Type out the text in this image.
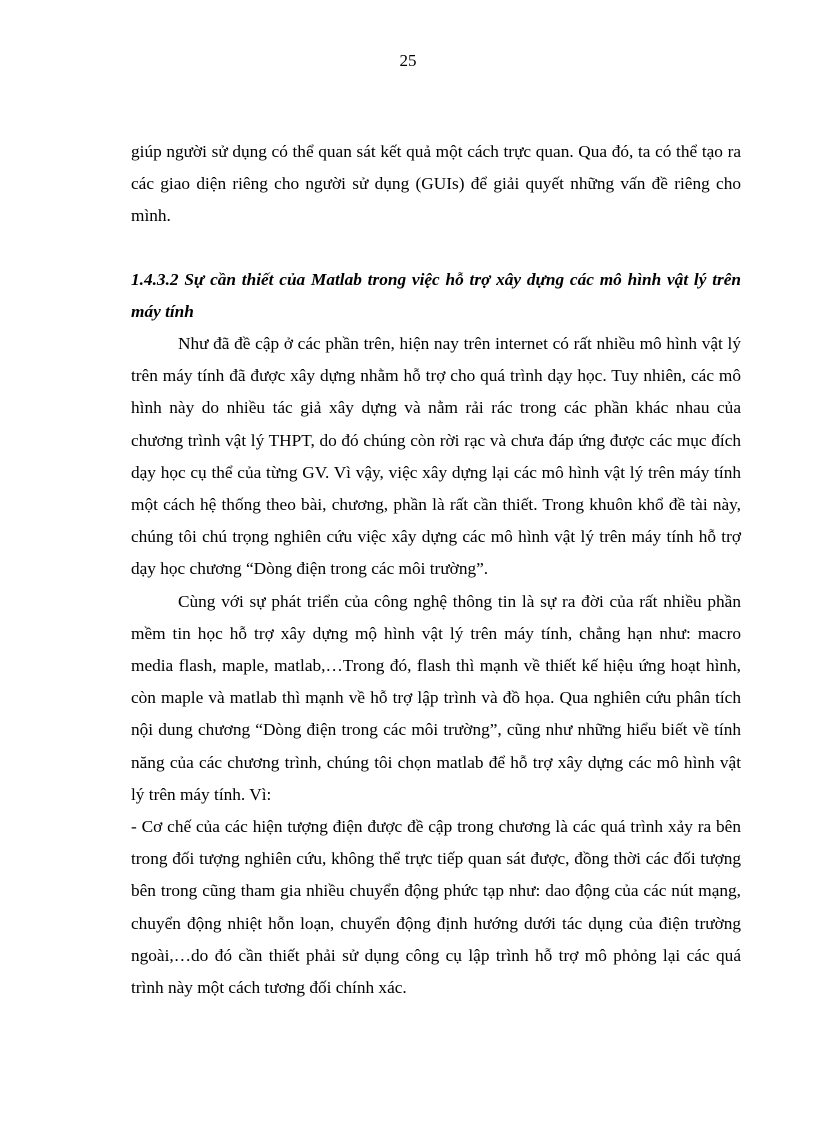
25

giúp người sử dụng có thể quan sát kết quả một cách trực quan. Qua đó, ta có thể tạo ra các giao diện riêng cho người sử dụng (GUIs) để giải quyết những vấn đề riêng cho mình.

1.4.3.2 Sự cần thiết của Matlab trong việc hỗ trợ xây dựng các mô hình vật lý trên máy tính

Như đã đề cập ở các phần trên, hiện nay trên internet có rất nhiều mô hình vật lý trên máy tính đã được xây dựng nhằm hỗ trợ cho quá trình dạy học. Tuy nhiên, các mô hình này do nhiều tác giả xây dựng và nằm rải rác trong các phần khác nhau của chương trình vật lý THPT, do đó chúng còn rời rạc và chưa đáp ứng được các mục đích dạy học cụ thể của từng GV. Vì vậy, việc xây dựng lại các mô hình vật lý trên máy tính một cách hệ thống theo bài, chương, phần là rất cần thiết. Trong khuôn khổ đề tài này, chúng tôi chú trọng nghiên cứu việc xây dựng các mô hình vật lý trên máy tính hỗ trợ dạy học chương “Dòng điện trong các môi trường”.

Cùng với sự phát triển của công nghệ thông tin là sự ra đời của rất nhiều phần mềm tin học hỗ trợ xây dựng mộ hình vật lý trên máy tính, chẳng hạn như: macro media flash, maple, matlab,…Trong đó, flash thì mạnh về thiết kế hiệu ứng hoạt hình, còn maple và matlab thì mạnh về hỗ trợ lập trình và đồ họa. Qua nghiên cứu phân tích nội dung chương “Dòng điện trong các môi trường”, cũng như những hiểu biết về tính năng của các chương trình, chúng tôi chọn matlab để hỗ trợ xây dựng các mô hình vật lý trên máy tính. Vì:

- Cơ chế của các hiện tượng điện được đề cập trong chương là các quá trình xảy ra bên trong đối tượng nghiên cứu, không thể trực tiếp quan sát được, đồng thời các đối tượng bên trong cũng tham gia nhiều chuyển động phức tạp như: dao động của các nút mạng, chuyển động nhiệt hỗn loạn, chuyển động định hướng dưới tác dụng của điện trường ngoài,…do đó cần thiết phải sử dụng công cụ lập trình hỗ trợ mô phỏng lại các quá trình này một cách tương đối chính xác.
